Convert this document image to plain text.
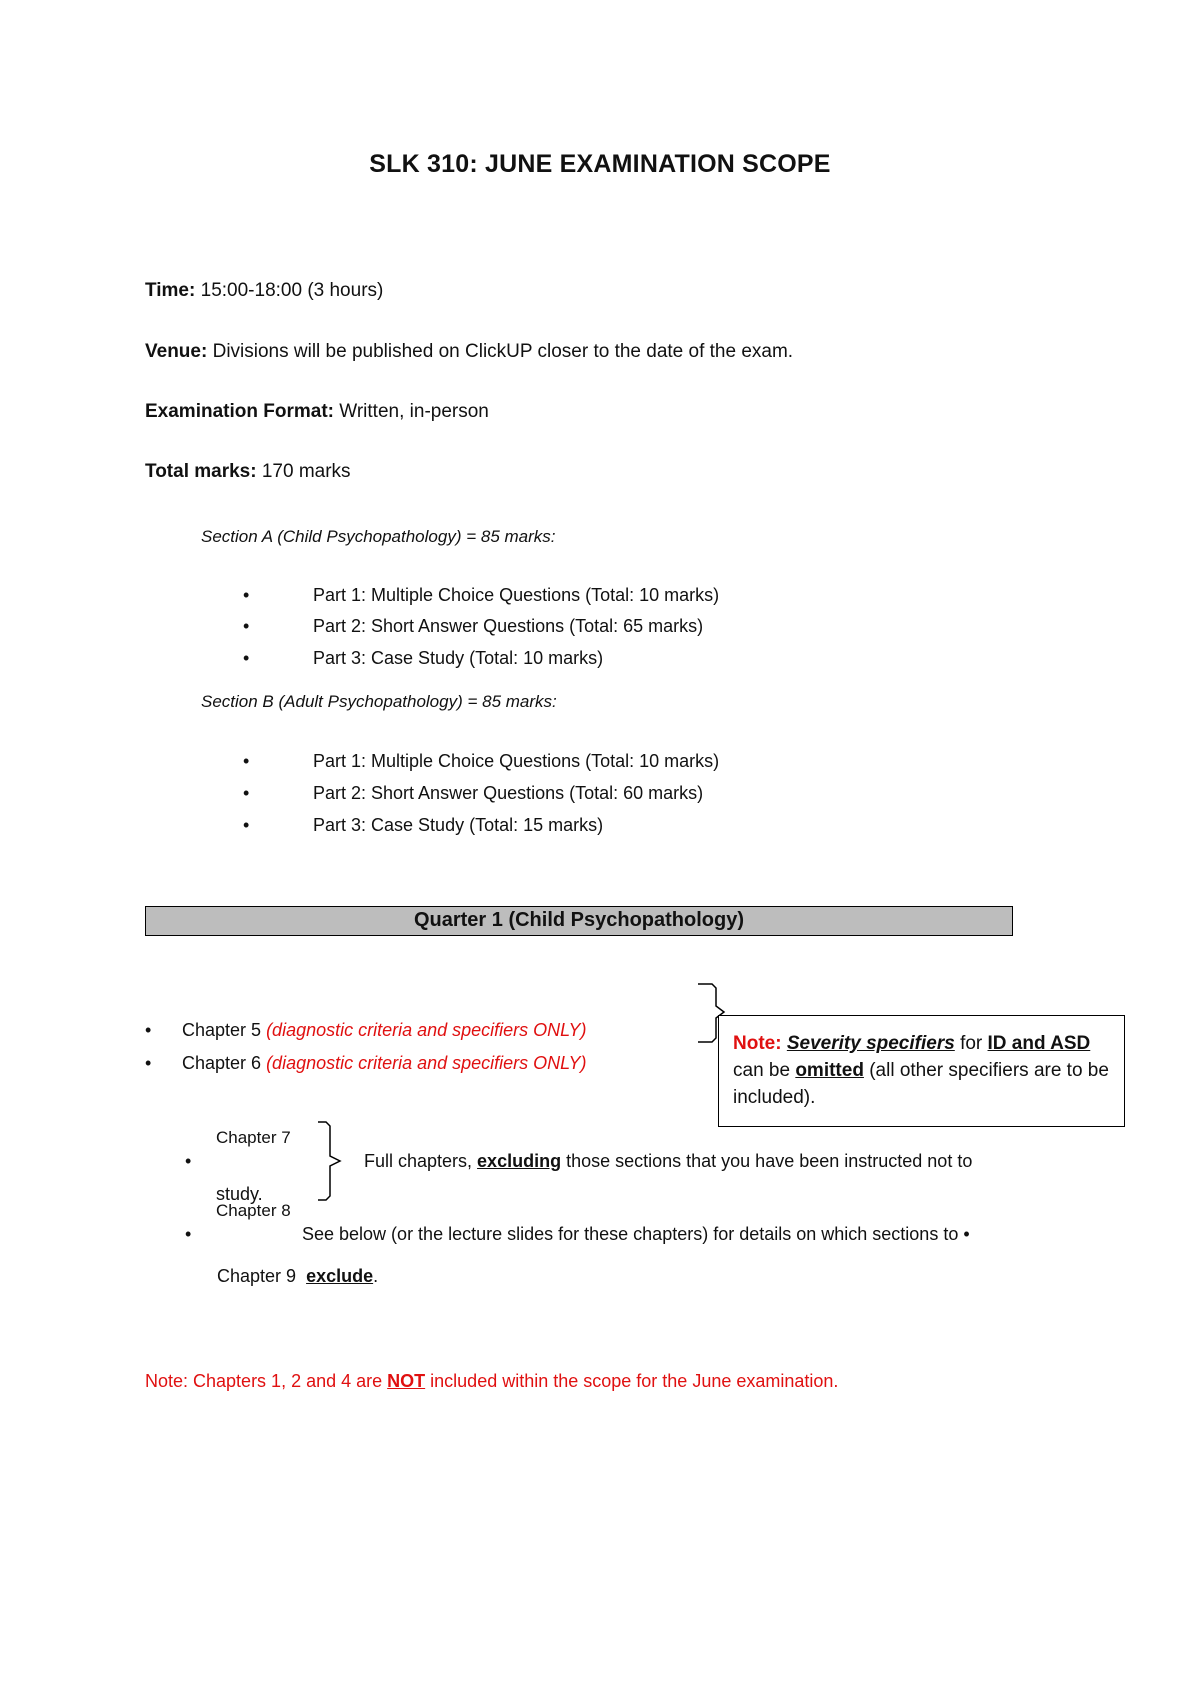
SLK 310: JUNE EXAMINATION SCOPE
Time: 15:00-18:00 (3 hours)
Venue: Divisions will be published on ClickUP closer to the date of the exam.
Examination Format: Written, in-person
Total marks: 170 marks
Section A (Child Psychopathology) = 85 marks:
•	Part 1: Multiple Choice Questions (Total: 10 marks)
•	Part 2: Short Answer Questions (Total: 65 marks)
•	Part 3: Case Study (Total: 10 marks)
Section B (Adult Psychopathology) = 85 marks:
•	Part 1: Multiple Choice Questions (Total: 10 marks)
•	Part 2: Short Answer Questions (Total: 60 marks)
•	Part 3: Case Study (Total: 15 marks)
Quarter 1 (Child Psychopathology)
• Chapter 5 (diagnostic criteria and specifiers ONLY)
• Chapter 6 (diagnostic criteria and specifiers ONLY)
Note: Severity specifiers for ID and ASD
can be omitted (all other specifiers are to be included).
•
Chapter 7
Full chapters, excluding those sections that you have been instructed not to
study.
•
Chapter 8
See below (or the lecture slides for these chapters) for details on which sections to •
Chapter 9 exclude.
Note: Chapters 1, 2 and 4 are NOT included within the scope for the June examination.
